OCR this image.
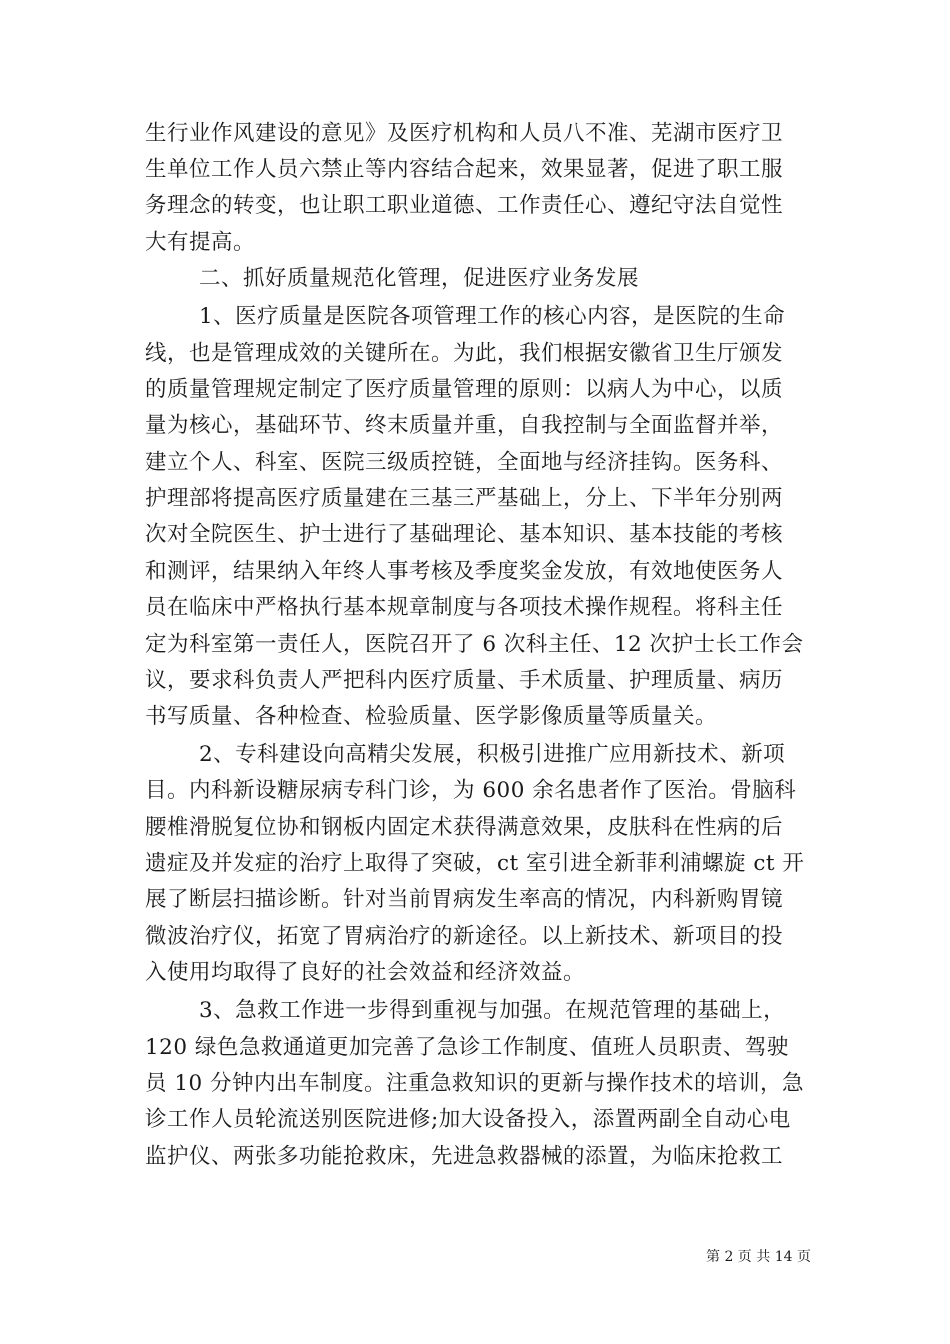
生行业作风建设的意见》及医疗机构和人员八不准、芜湖市医疗卫
生单位工作人员六禁止等内容结合起来，效果显著，促进了职工服
务理念的转变，也让职工职业道德、工作责任心、遵纪守法自觉性
大有提高。
二、抓好质量规范化管理，促进医疗业务发展
1、医疗质量是医院各项管理工作的核心内容，是医院的生命
线，也是管理成效的关键所在。为此，我们根据安徽省卫生厅颁发
的质量管理规定制定了医疗质量管理的原则：以病人为中心，以质
量为核心，基础环节、终末质量并重，自我控制与全面监督并举，
建立个人、科室、医院三级质控链，全面地与经济挂钩。医务科、
护理部将提高医疗质量建在三基三严基础上，分上、下半年分别两
次对全院医生、护士进行了基础理论、基本知识、基本技能的考核
和测评，结果纳入年终人事考核及季度奖金发放，有效地使医务人
员在临床中严格执行基本规章制度与各项技术操作规程。将科主任
定为科室第一责任人，医院召开了 6 次科主任、12 次护士长工作会
议，要求科负责人严把科内医疗质量、手术质量、护理质量、病历
书写质量、各种检查、检验质量、医学影像质量等质量关。
2、专科建设向高精尖发展，积极引进推广应用新技术、新项
目。内科新设糖尿病专科门诊，为 600 余名患者作了医治。骨脑科
腰椎滑脱复位协和钢板内固定术获得满意效果，皮肤科在性病的后
遗症及并发症的治疗上取得了突破，ct 室引进全新菲利浦螺旋 ct 开
展了断层扫描诊断。针对当前胃病发生率高的情况，内科新购胃镜
微波治疗仪，拓宽了胃病治疗的新途径。以上新技术、新项目的投
入使用均取得了良好的社会效益和经济效益。
3、急救工作进一步得到重视与加强。在规范管理的基础上，
120 绿色急救通道更加完善了急诊工作制度、值班人员职责、驾驶
员 10 分钟内出车制度。注重急救知识的更新与操作技术的培训，急
诊工作人员轮流送别医院进修;加大设备投入，添置两副全自动心电
监护仪、两张多功能抢救床，先进急救器械的添置，为临床抢救工
第 2 页 共 14 页
